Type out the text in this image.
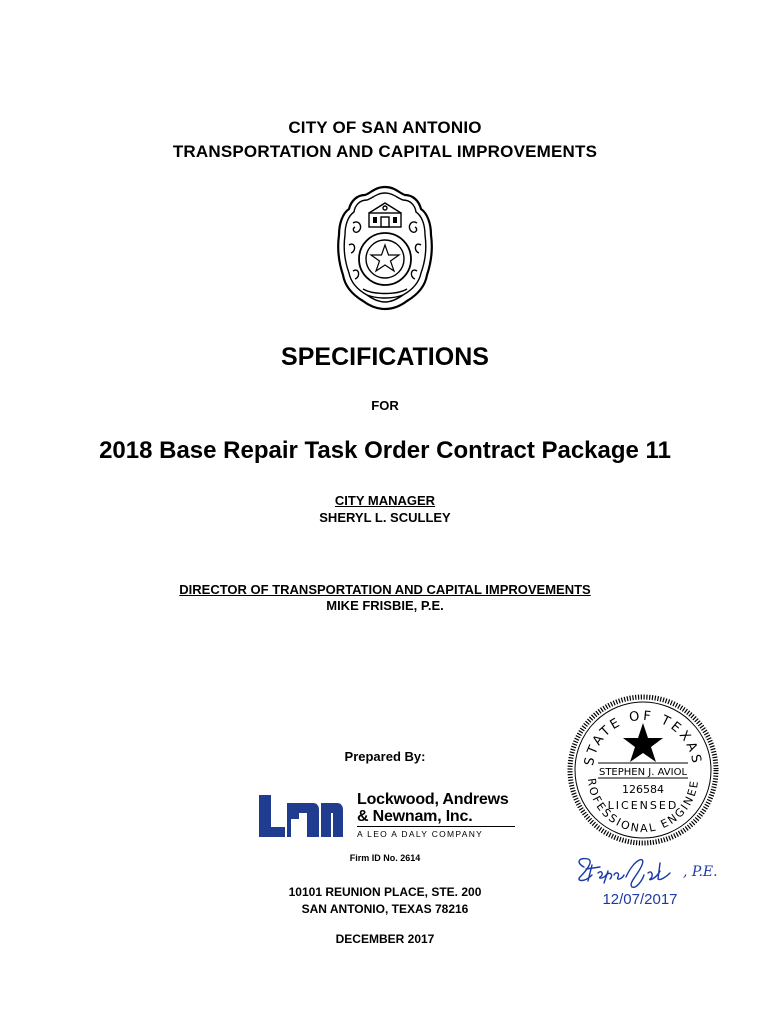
CITY OF SAN ANTONIO
TRANSPORTATION AND CAPITAL IMPROVEMENTS
SPECIFICATIONS
FOR
2018 Base Repair Task Order Contract Package 11
CITY MANAGER
SHERYL L. SCULLEY
DIRECTOR OF TRANSPORTATION AND CAPITAL IMPROVEMENTS
MIKE FRISBIE, P.E.
Prepared By:
Lockwood, Andrews
& Newnam, Inc.
A LEO A DALY COMPANY
Firm ID No. 2614
10101 REUNION PLACE, STE. 200
SAN ANTONIO, TEXAS 78216
DECEMBER 2017
STATE OF TEXAS
ROFESSIONAL ENGINEE
STEPHEN J. AVIOL
126584
LICENSED
, P.E.
12/07/2017
